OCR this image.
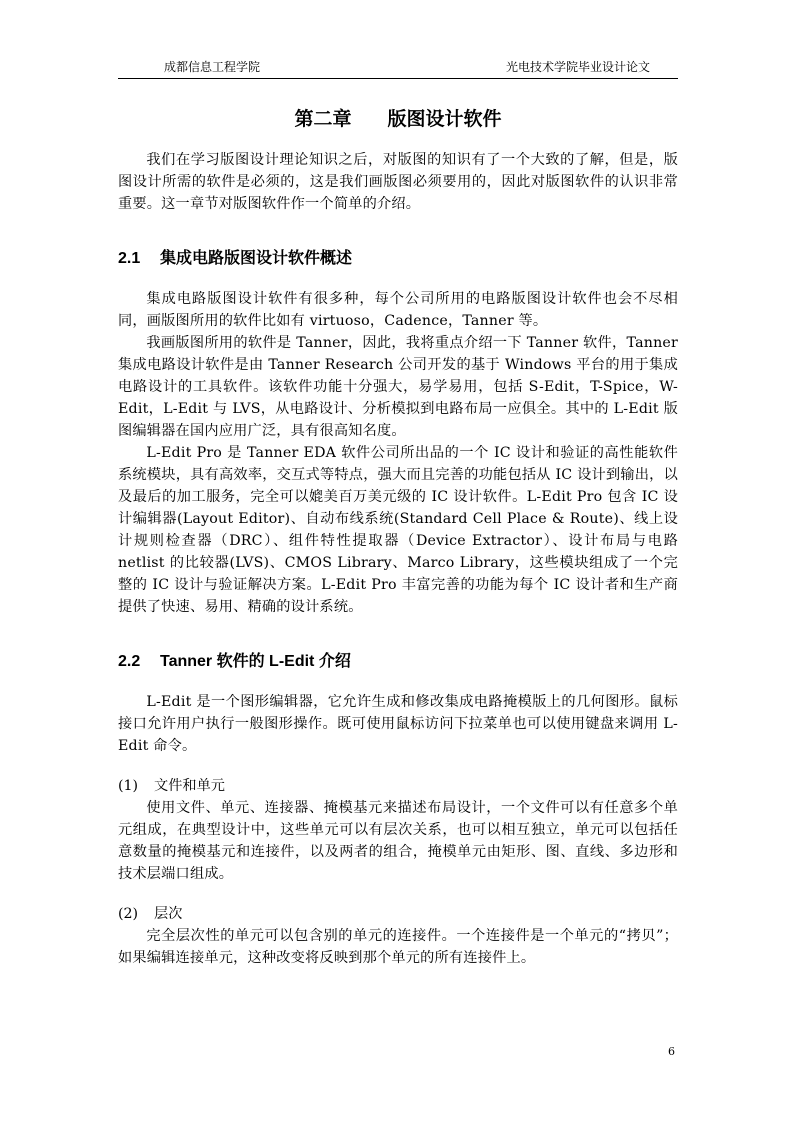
成都信息工程学院	光电技术学院毕业设计论文
第二章 版图设计软件

我们在学习版图设计理论知识之后，对版图的知识有了一个大致的了解，但是，版图设计所需的软件是必须的，这是我们画版图必须要用的，因此对版图软件的认识非常重要。这一章节对版图软件作一个简单的介绍。

2.1 集成电路版图设计软件概述

集成电路版图设计软件有很多种，每个公司所用的电路版图设计软件也会不尽相同，画版图所用的软件比如有 virtuoso，Cadence，Tanner 等。

我画版图所用的软件是 Tanner，因此，我将重点介绍一下 Tanner 软件，Tanner 集成电路设计软件是由 Tanner Research 公司开发的基于 Windows 平台的用于集成电路设计的工具软件。该软件功能十分强大，易学易用，包括 S-Edit，T-Spice，W-Edit，L-Edit 与 LVS，从电路设计、分析模拟到电路布局一应俱全。其中的 L-Edit 版图编辑器在国内应用广泛，具有很高知名度。

L-Edit Pro 是 Tanner EDA 软件公司所出品的一个 IC 设计和验证的高性能软件系统模块，具有高效率，交互式等特点，强大而且完善的功能包括从 IC 设计到输出，以及最后的加工服务，完全可以媲美百万美元级的 IC 设计软件。L-Edit Pro 包含 IC 设计编辑器(Layout Editor)、自动布线系统(Standard Cell Place & Route)、线上设计规则检查器（DRC）、组件特性提取器（Device Extractor）、设计布局与电路 netlist 的比较器(LVS)、CMOS Library、Marco Library，这些模块组成了一个完整的 IC 设计与验证解决方案。L-Edit Pro 丰富完善的功能为每个 IC 设计者和生产商提供了快速、易用、精确的设计系统。

2.2 Tanner 软件的 L-Edit 介绍

L-Edit 是一个图形编辑器，它允许生成和修改集成电路掩模版上的几何图形。鼠标接口允许用户执行一般图形操作。既可使用鼠标访问下拉菜单也可以使用键盘来调用 L-Edit 命令。

(1) 文件和单元

使用文件、单元、连接器、掩模基元来描述布局设计，一个文件可以有任意多个单元组成，在典型设计中，这些单元可以有层次关系，也可以相互独立，单元可以包括任意数量的掩模基元和连接件，以及两者的组合，掩模单元由矩形、图、直线、多边形和技术层端口组成。

(2) 层次

完全层次性的单元可以包含别的单元的连接件。一个连接件是一个单元的“拷贝”；如果编辑连接单元，这种改变将反映到那个单元的所有连接件上。

6
